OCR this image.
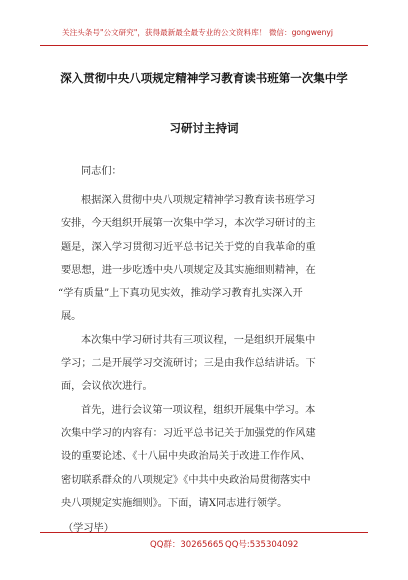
关注头条号"公文研究"，获得最新最全最专业的公文资料库！ 微信：gongwenyj
深入贯彻中央八项规定精神学习教育读书班第一次集中学
习研讨主持词
同志们：
根据深入贯彻中央八项规定精神学习教育读书班学习
安排，今天组织开展第一次集中学习，本次学习研讨的主
题是，深入学习贯彻习近平总书记关于党的自我革命的重
要思想，进一步吃透中央八项规定及其实施细则精神，在
“学有质量”上下真功见实效，推动学习教育扎实深入开
展。
本次集中学习研讨共有三项议程，一是组织开展集中
学习；二是开展学习交流研讨；三是由我作总结讲话。下
面，会议依次进行。
首先，进行会议第一项议程，组织开展集中学习。本
次集中学习的内容有：习近平总书记关于加强党的作风建
设的重要论述、《十八届中央政治局关于改进工作作风、
密切联系群众的八项规定》《中共中央政治局贯彻落实中
央八项规定实施细则》。下面，请X同志进行领学。
（学习毕）
QQ群：30265665 QQ号:535304092
